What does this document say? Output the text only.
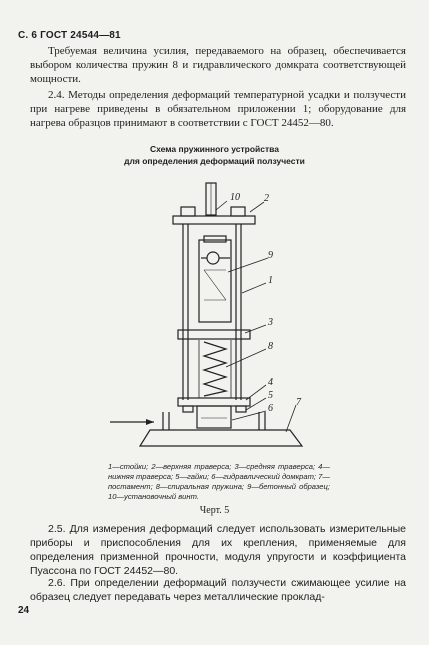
С. 6 ГОСТ 24544—81
Требуемая величина усилия, передаваемого на образец, обеспечивается выбором количества пружин 8 и гидравлического домкрата соответствующей мощности.
2.4. Методы определения деформаций температурной усадки и ползучести при нагреве приведены в обязательном приложении 1; оборудование для нагрева образцов принимают в соответствии с ГОСТ 24452—80.
Схема пружинного устройства
для определения деформаций ползучести
10 2
9
1
3
8
4
5
6
7
1—стойки; 2—верхняя траверса; 3—средняя траверса; 4—нижняя траверса; 5—гайки; 6—гидравлический домкрат; 7—постамент; 8—спиральная пружина; 9—бетонный образец; 10—установочный винт.
Черт. 5
2.5. Для измерения деформаций следует использовать измерительные приборы и приспособления для их крепления, применяемые для определения призменной прочности, модуля упругости и коэффициента Пуассона по ГОСТ 24452—80.
2.6. При определении деформаций ползучести сжимающее усилие на образец следует передавать через металлические проклад-
24
